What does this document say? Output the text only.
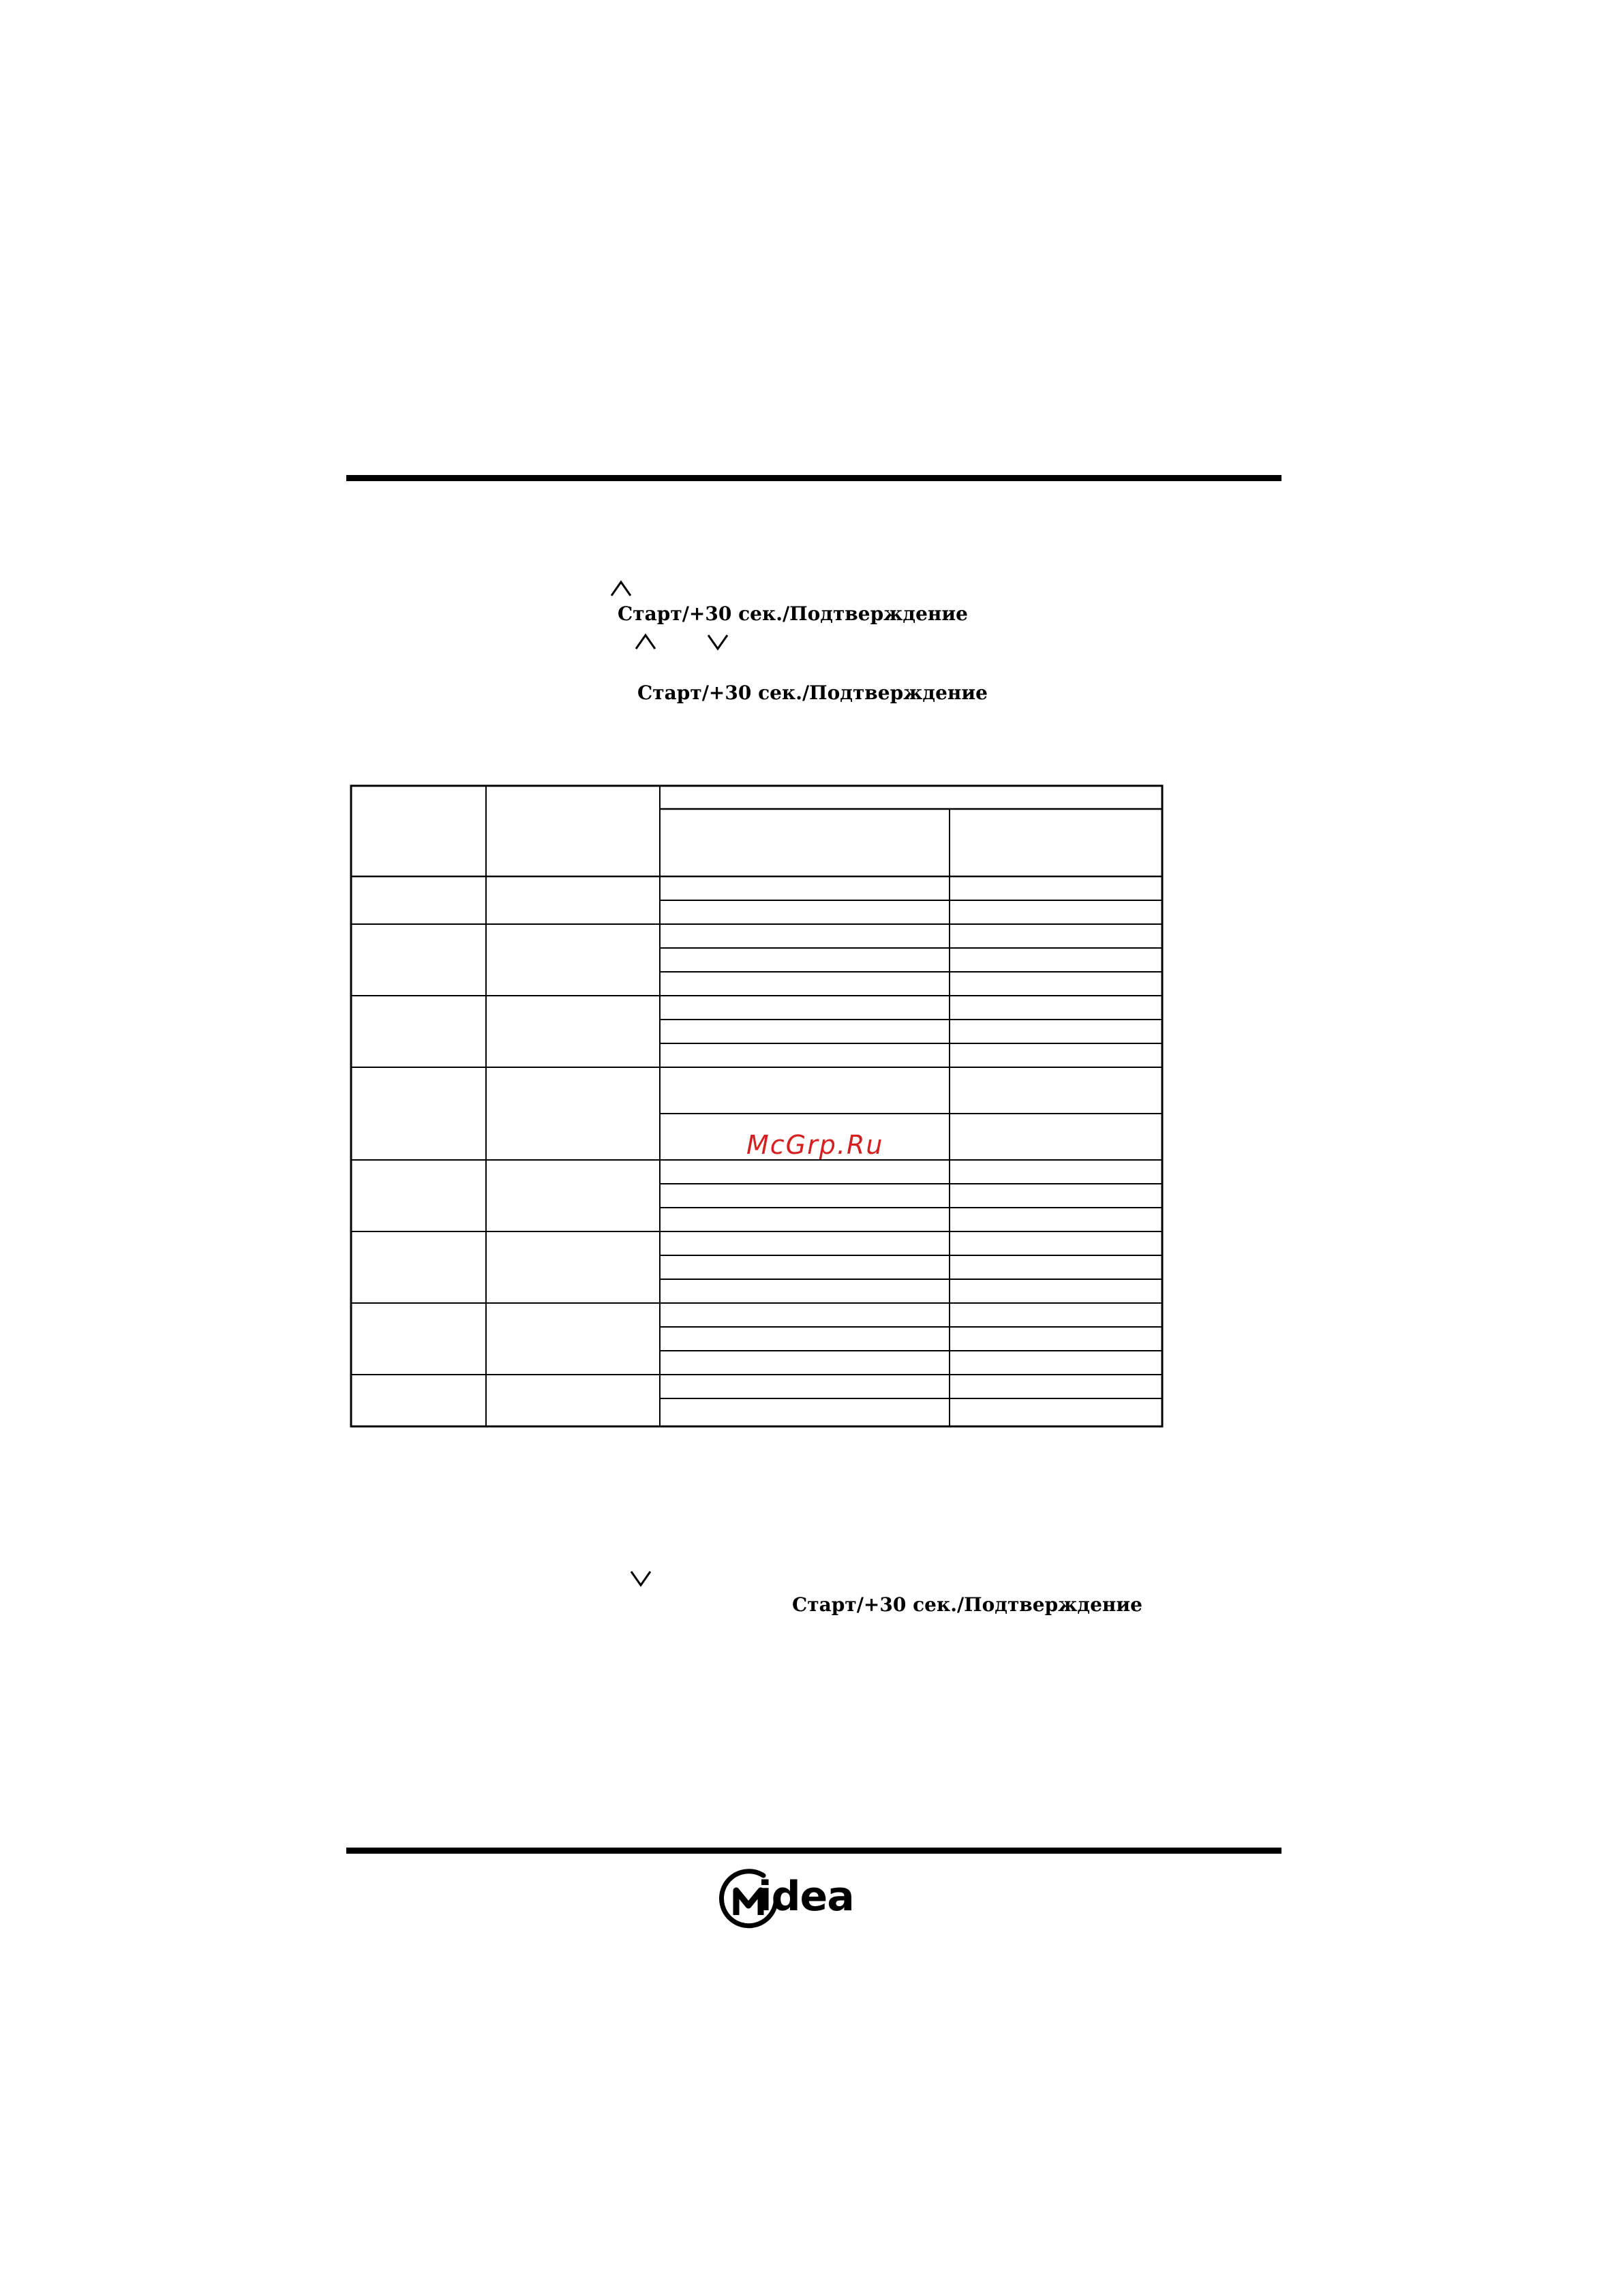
Старт/+30 сек./Подтверждение
Старт/+30 сек./Подтверждение
McGrp.Ru
Старт/+30 сек./Подтверждение
idea
